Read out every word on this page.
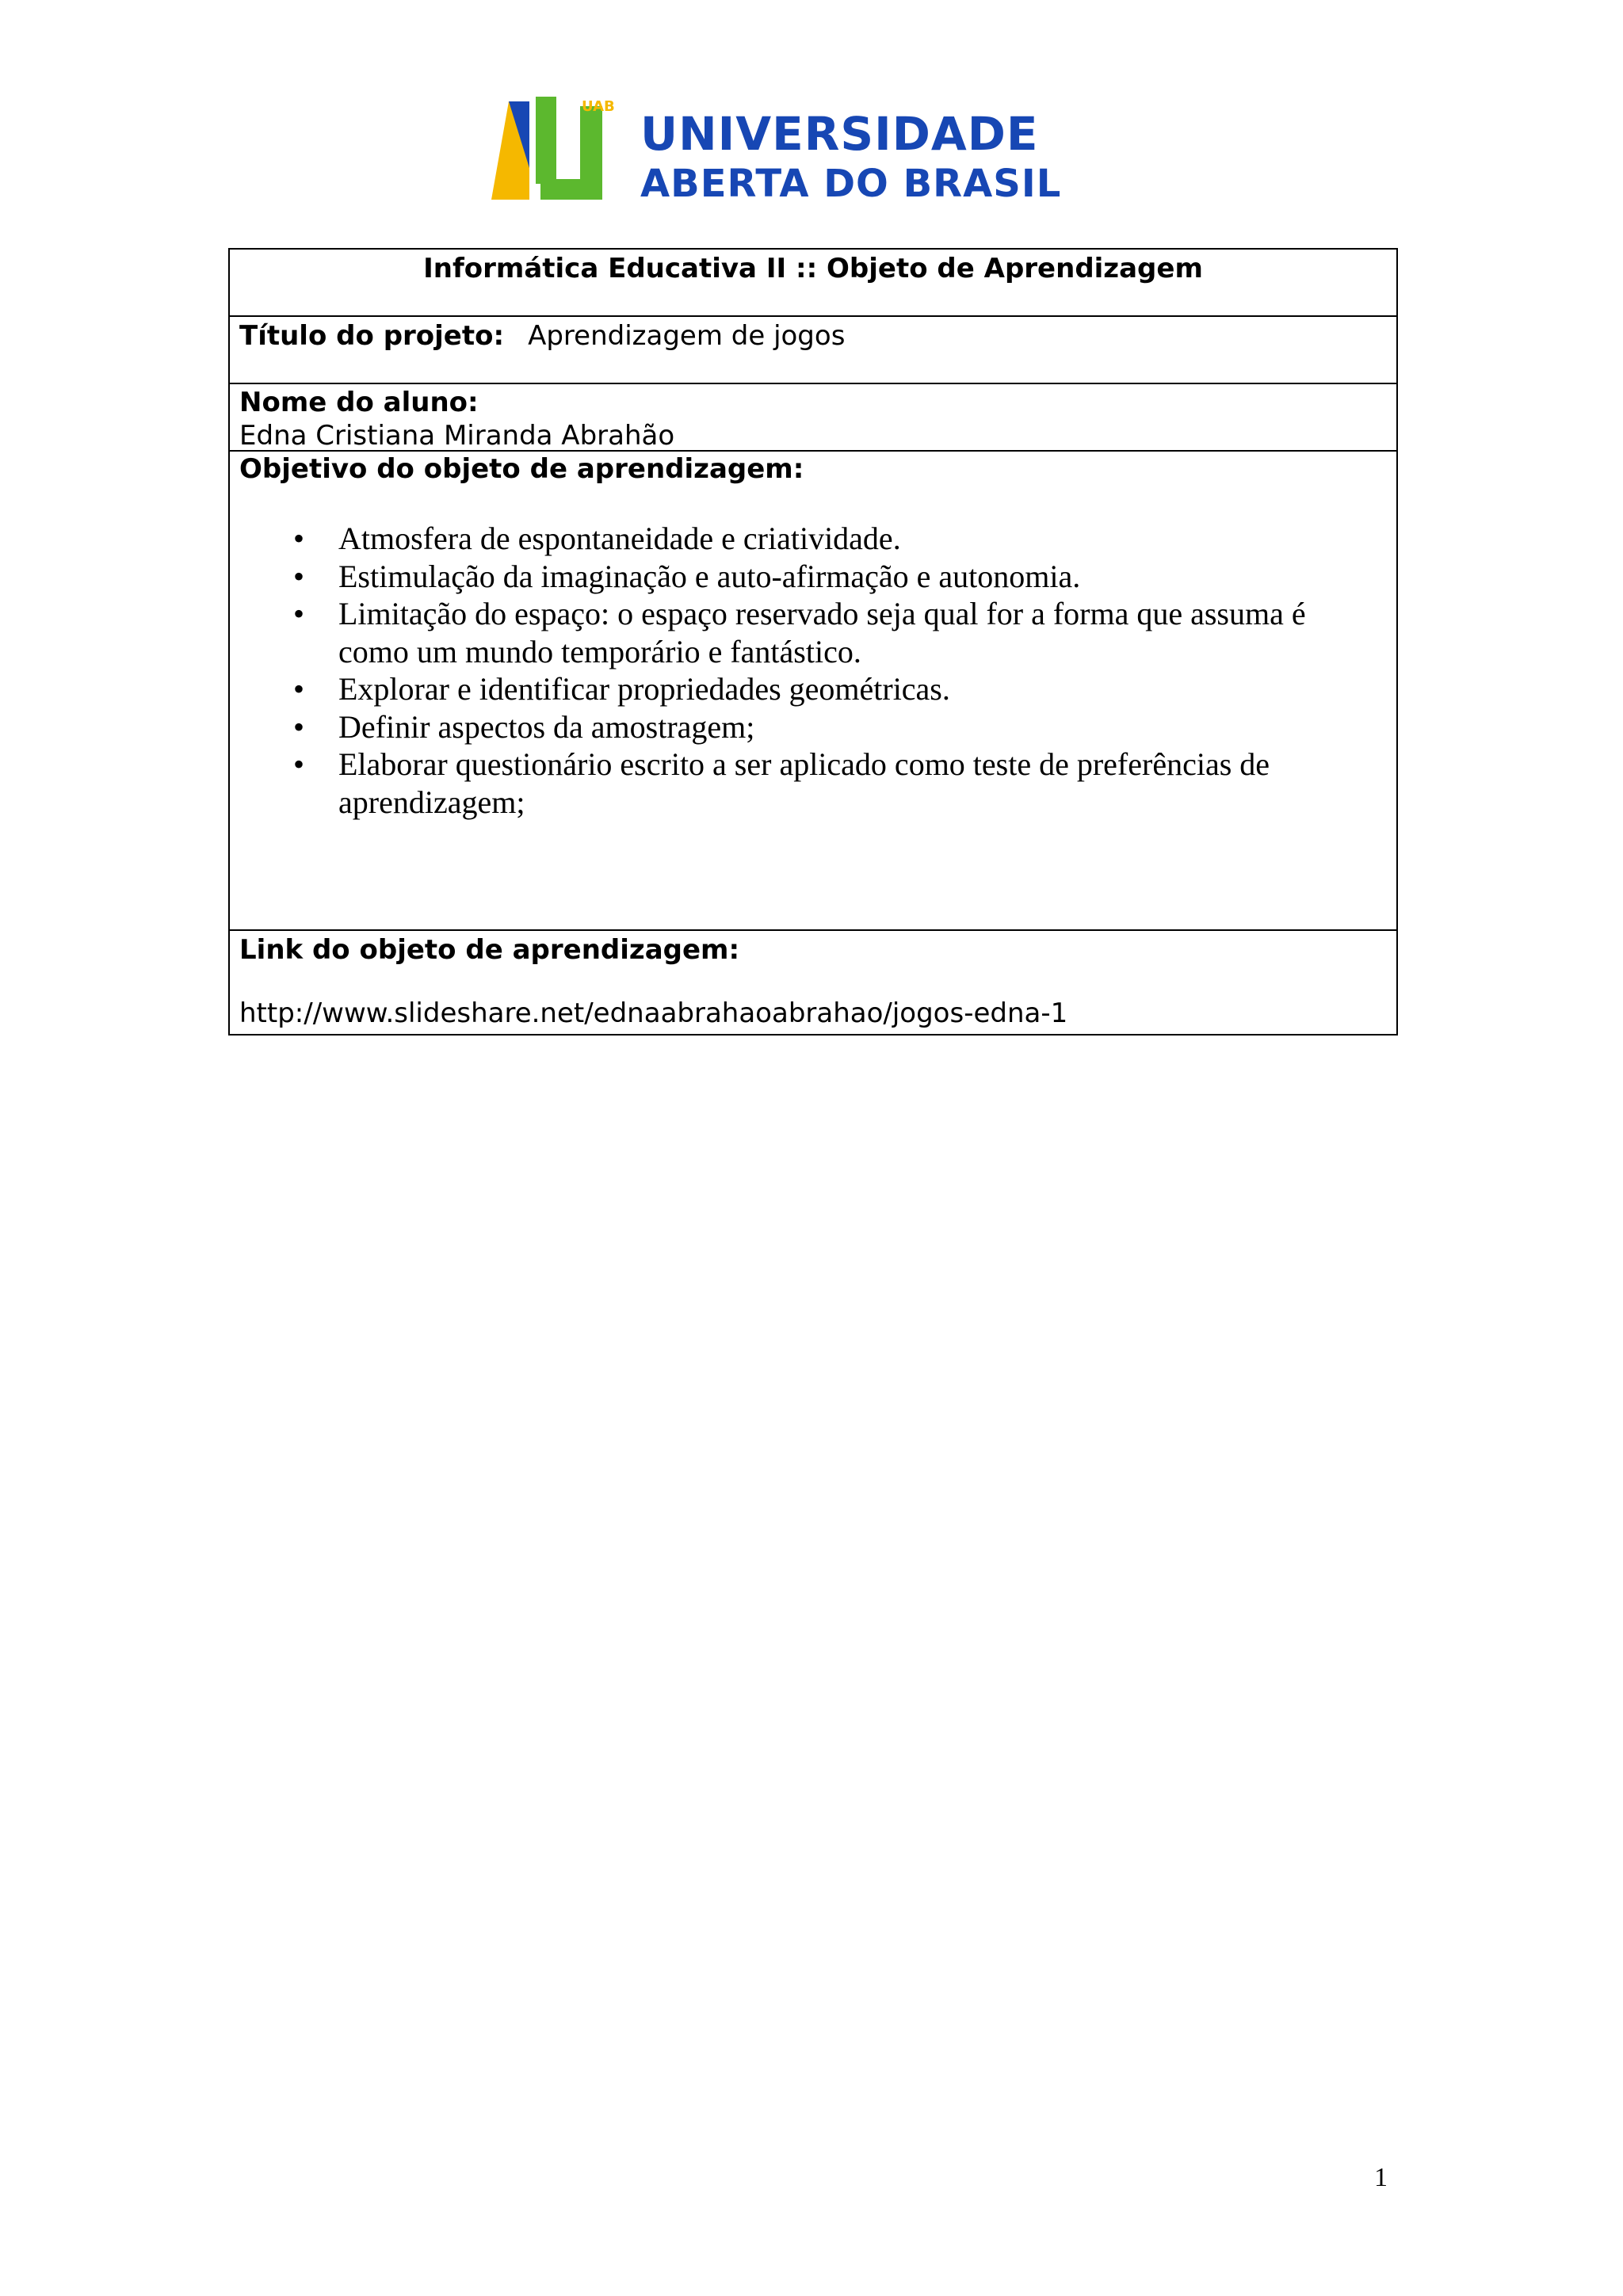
UAB
UNIVERSIDADE
ABERTA DO BRASIL
Informática Educativa II :: Objeto de Aprendizagem
Título do projeto: Aprendizagem de jogos
Nome do aluno:
Edna Cristiana Miranda Abrahão
Objetivo do objeto de aprendizagem:
• Atmosfera de espontaneidade e criatividade.
• Estimulação da imaginação e auto-afirmação e autonomia.
• Limitação do espaço: o espaço reservado seja qual for a forma que assuma é como um mundo temporário e fantástico.
• Explorar e identificar propriedades geométricas.
• Definir aspectos da amostragem;
• Elaborar questionário escrito a ser aplicado como teste de preferências de aprendizagem;
Link do objeto de aprendizagem:
http://www.slideshare.net/ednaabrahaoabrahao/jogos-edna-1
1
